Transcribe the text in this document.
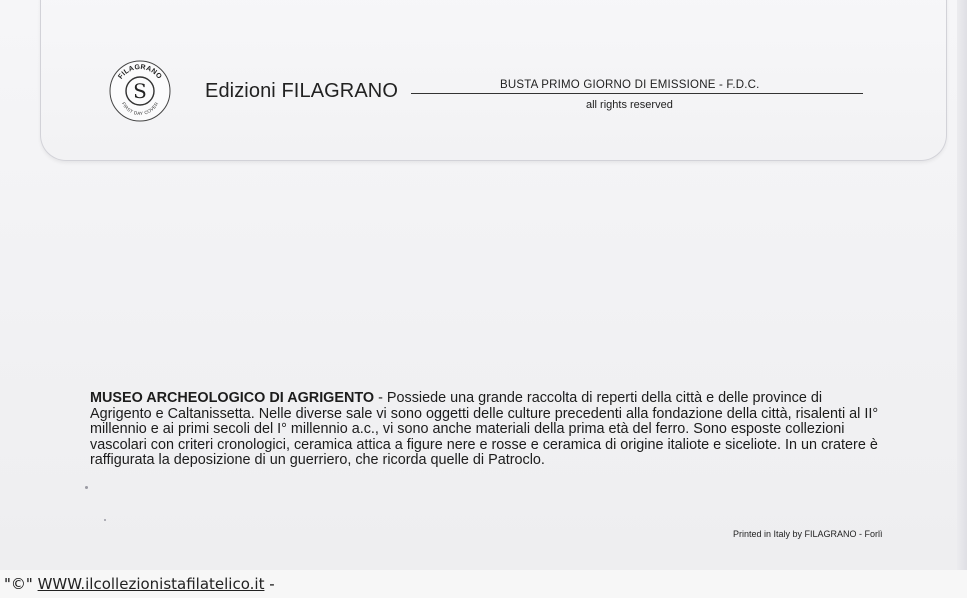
S
FILAGRANO
FIRST DAY COVER
Edizioni FILAGRANO	BUSTA PRIMO GIORNO DI EMISSIONE - F.D.C.
all rights reserved
MUSEO ARCHEOLOGICO DI AGRIGENTO - Possiede una grande raccolta di reperti della città e delle province di Agrigento e Caltanissetta. Nelle diverse sale vi sono oggetti delle culture precedenti alla fondazione della città, risalenti al II° millennio e ai primi secoli del I° millennio a.c., vi sono anche materiali della prima età del ferro. Sono esposte collezioni vascolari con criteri cronologici, ceramica attica a figure nere e rosse e ceramica di origine italiote e siceliote. In un cratere è raffigurata la deposizione di un guerriero, che ricorda quelle di Patroclo.
Printed in Italy by FILAGRANO - Forlì
"©" WWW.ilcollezionistafilatelico.it -
